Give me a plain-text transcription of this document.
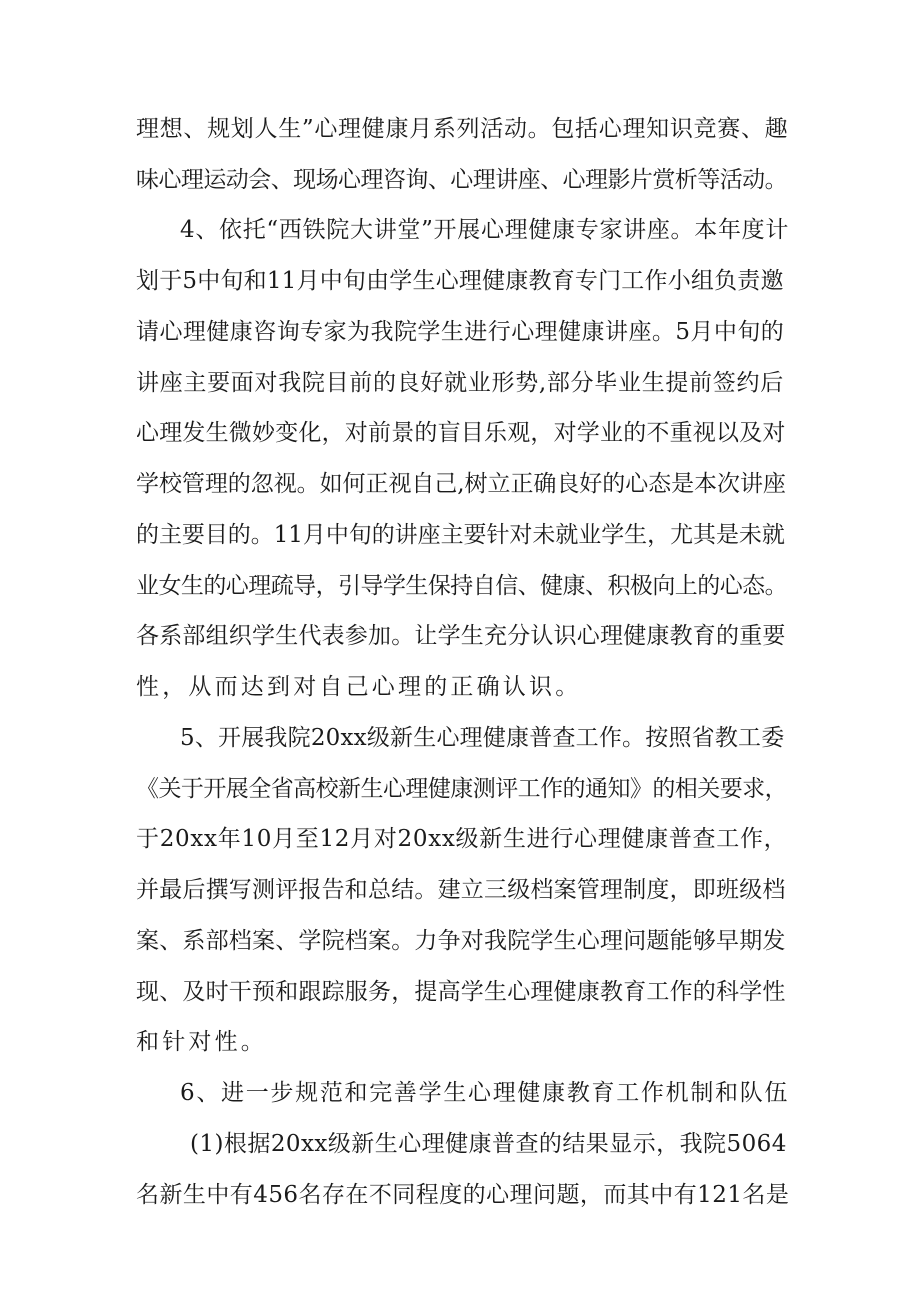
理想、规划人生”心理健康月系列活动。包括心理知识竞赛、趣
味心理运动会、现场心理咨询、心理讲座、心理影片赏析等活动。
4、依托“西铁院大讲堂”开展心理健康专家讲座。本年度计
划于5中旬和11月中旬由学生心理健康教育专门工作小组负责邀
请心理健康咨询专家为我院学生进行心理健康讲座。5月中旬的
讲座主要面对我院目前的良好就业形势,部分毕业生提前签约后
心理发生微妙变化，对前景的盲目乐观，对学业的不重视以及对
学校管理的忽视。如何正视自己,树立正确良好的心态是本次讲座
的主要目的。11月中旬的讲座主要针对未就业学生，尤其是未就
业女生的心理疏导，引导学生保持自信、健康、积极向上的心态。
各系部组织学生代表参加。让学生充分认识心理健康教育的重要
性，从而达到对自己心理的正确认识。
5、开展我院20xx级新生心理健康普查工作。按照省教工委
《关于开展全省高校新生心理健康测评工作的通知》的相关要求，
于20xx年10月至12月对20xx级新生进行心理健康普查工作，
并最后撰写测评报告和总结。建立三级档案管理制度，即班级档
案、系部档案、学院档案。力争对我院学生心理问题能够早期发
现、及时干预和跟踪服务，提高学生心理健康教育工作的科学性
和针对性。
6、进一步规范和完善学生心理健康教育工作机制和队伍
(1)根据20xx级新生心理健康普查的结果显示，我院5064
名新生中有456名存在不同程度的心理问题，而其中有121名是
